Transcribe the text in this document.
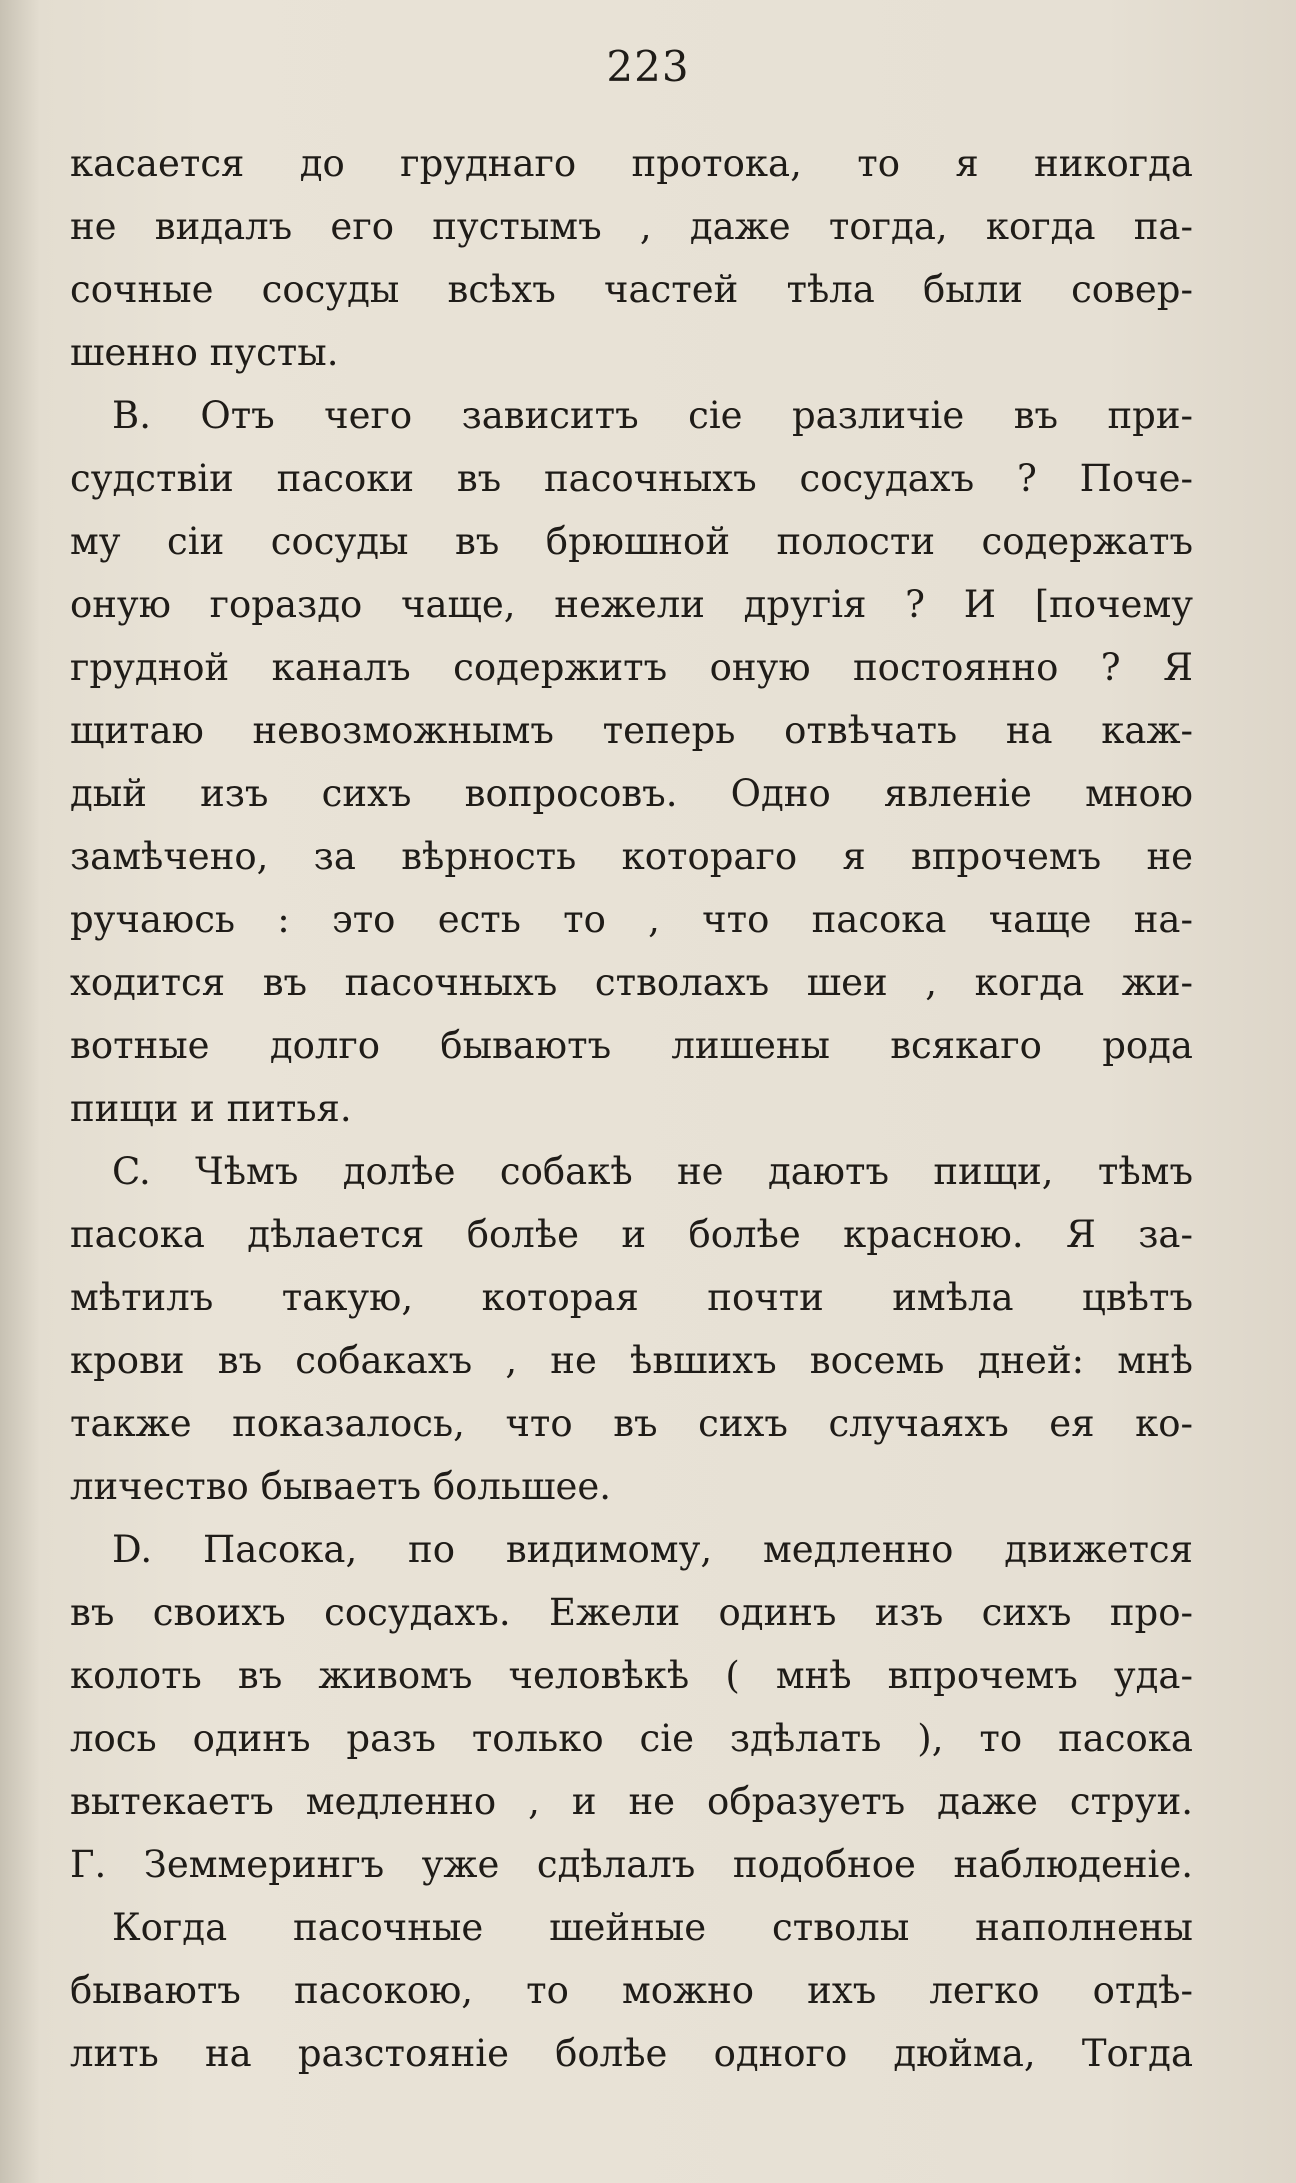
223
касается до груднаго протока, то я никогда
не видалъ его пустымъ , даже тогда, когда па-
сочные сосуды всѣхъ частей тѣла были совер-
шенно пусты.
B. Отъ чего зависитъ сiе различiе въ при-
судствiи пасоки въ пасочныхъ сосудахъ ? Поче-
му сiи сосуды въ брюшной полости содержатъ
оную гораздо чаще, нежели другiя ? И [почему
грудной каналъ содержитъ оную постоянно ? Я
щитаю невозможнымъ теперь отвѣчать на каж-
дый изъ сихъ вопросовъ. Одно явленiе мною
замѣчено, за вѣрность котораго я впрочемъ не
ручаюсь : это есть то , что пасока чаще на-
ходится въ пасочныхъ стволахъ шеи , когда жи-
вотные долго бываютъ лишены всякаго рода
пищи и питья.
C. Чѣмъ долѣе собакѣ не даютъ пищи, тѣмъ
пасока дѣлается болѣе и болѣе красною. Я за-
мѣтилъ такую, которая почти имѣла цвѣтъ
крови въ собакахъ , не ѣвшихъ восемь дней: мнѣ
также показалось, что въ сихъ случаяхъ ея ко-
личество бываетъ большее.
D. Пасока, по видимому, медленно движется
въ своихъ сосудахъ. Ежели одинъ изъ сихъ про-
колоть въ живомъ человѣкѣ ( мнѣ впрочемъ уда-
лось одинъ разъ только сiе здѣлать ), то пасока
вытекаетъ медленно , и не образуетъ даже струи.
Г. Земмерингъ уже сдѣлалъ подобное наблюденiе.
Когда пасочные шейные стволы наполнены
бываютъ пасокою, то можно ихъ легко отдѣ-
лить на разстоянiе болѣе одного дюйма, Тогда
